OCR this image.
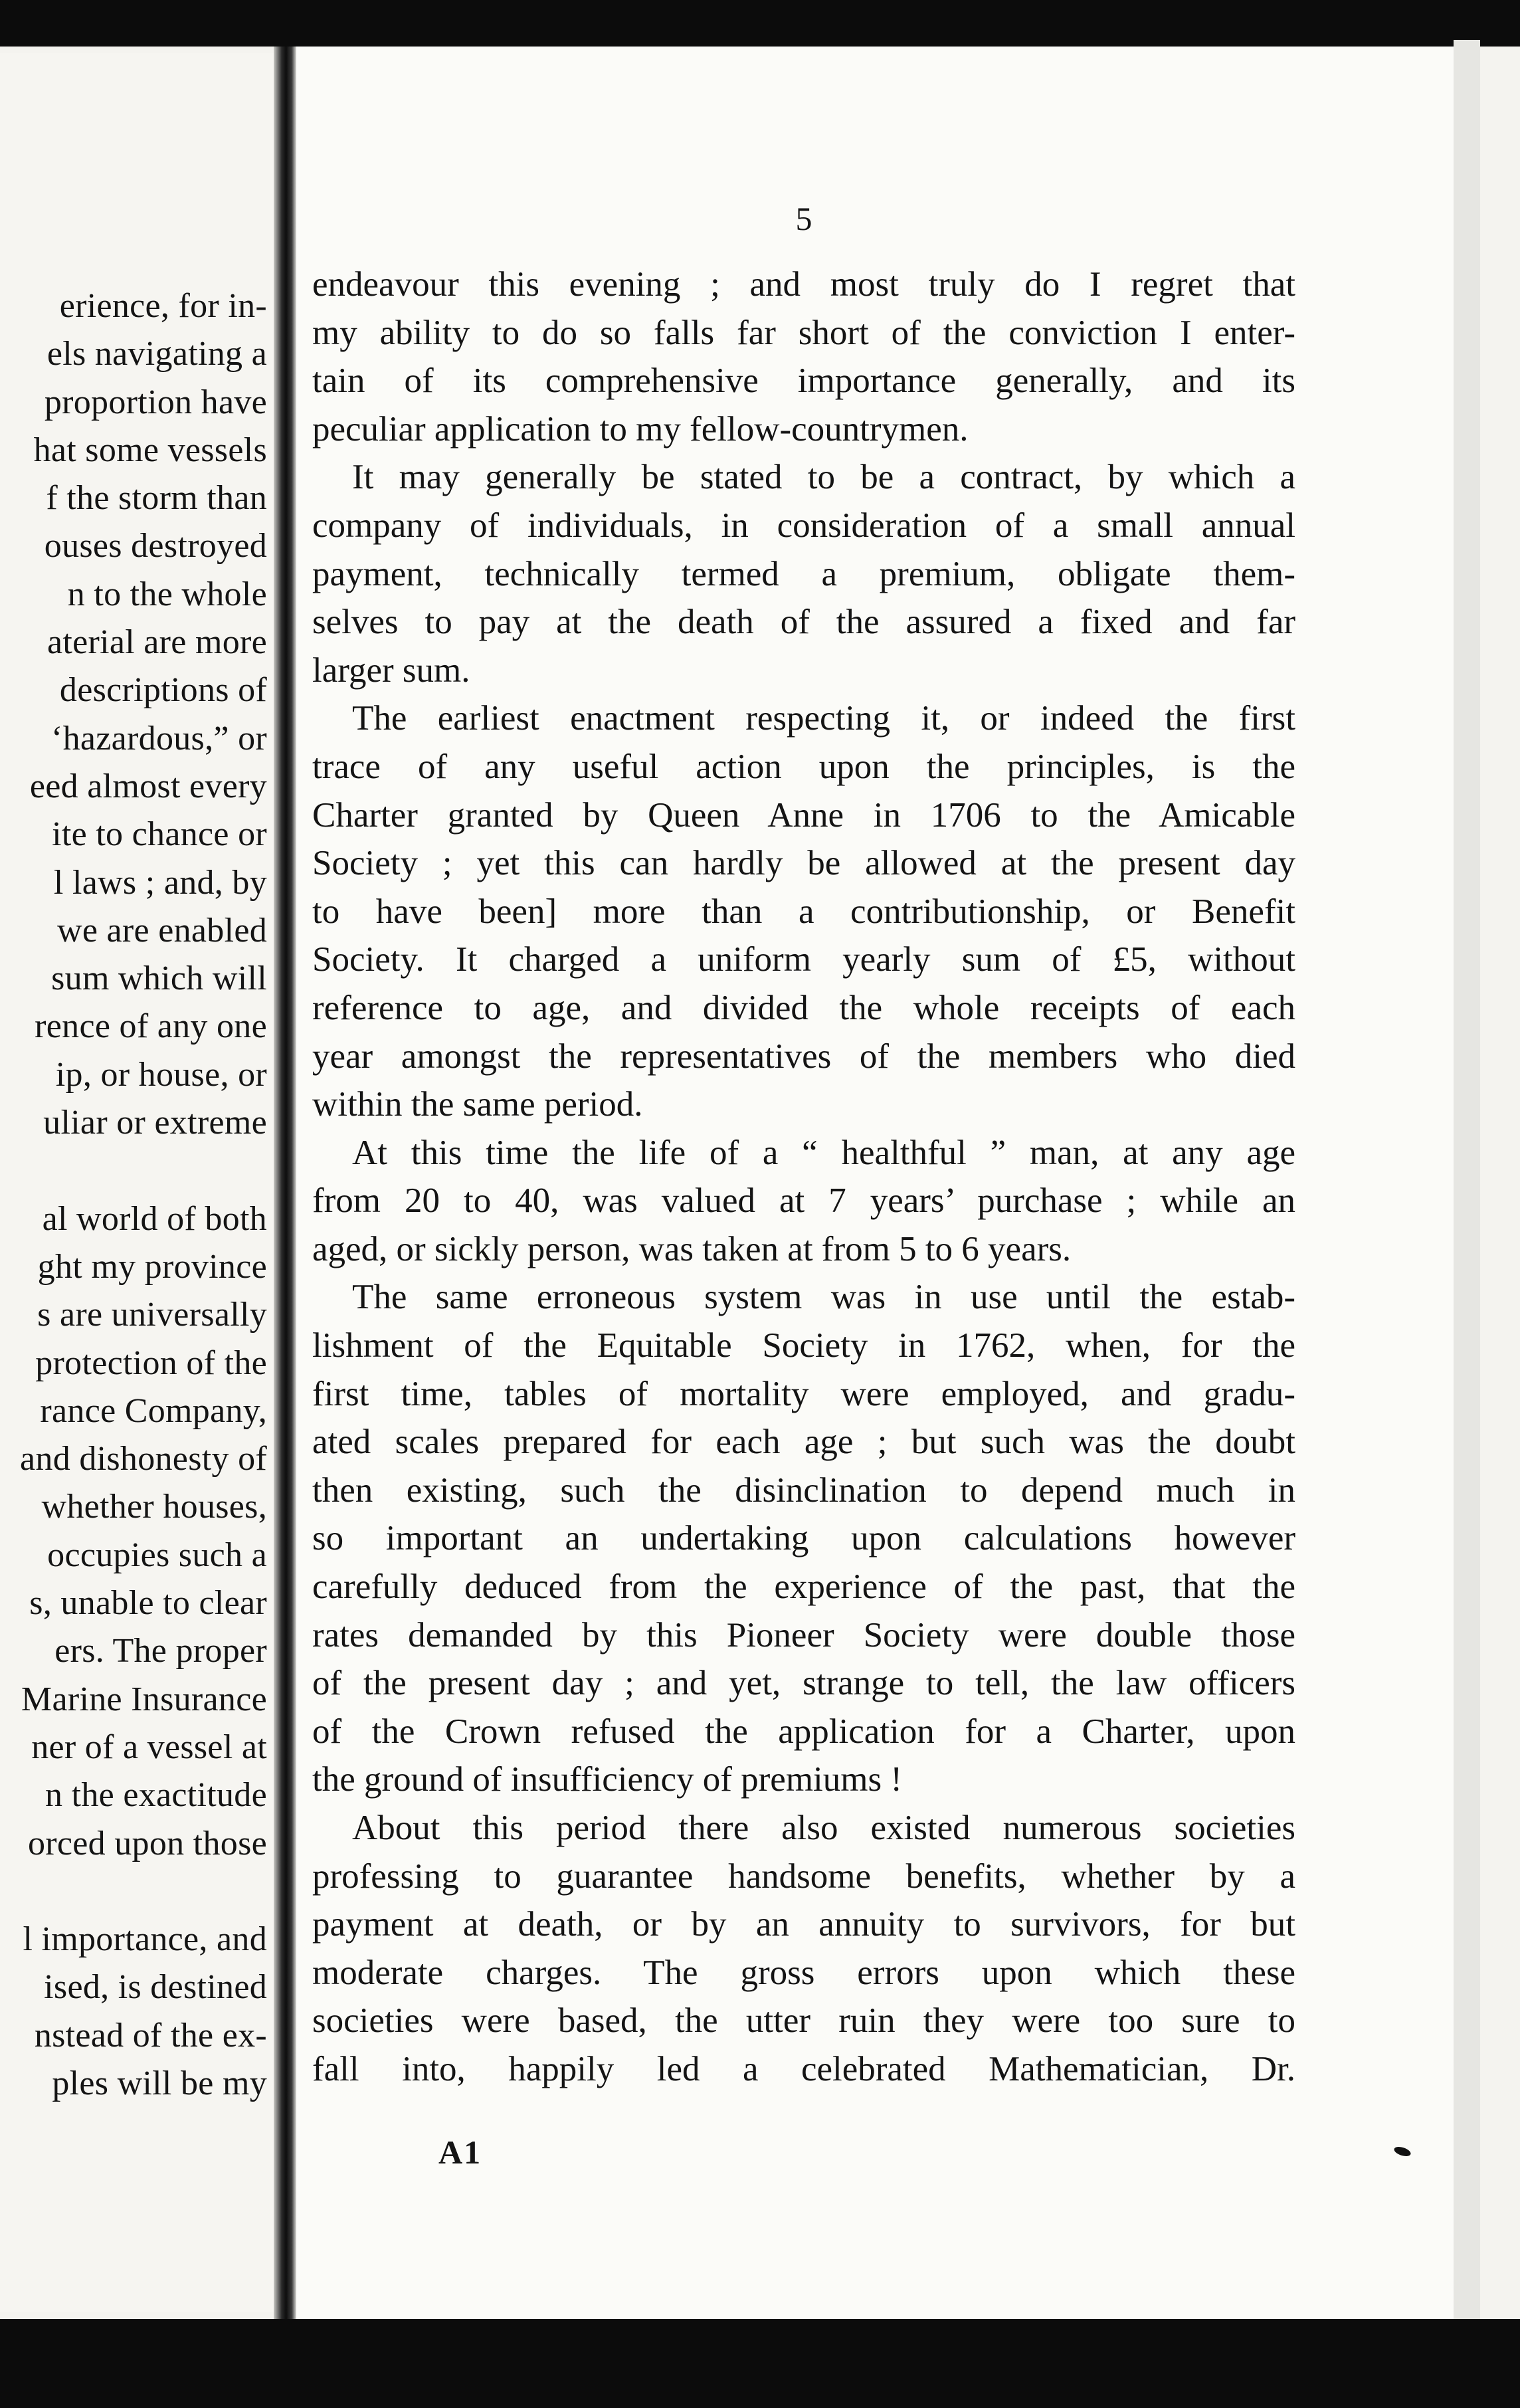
erience, for in-
els navigating a
proportion have
hat some vessels
f the storm than
ouses destroyed
n to the whole
aterial are more
descriptions of
‘hazardous,” or
eed almost every
ite to chance or
l laws ; and, by
we are enabled
sum which will
rence of any one
ip, or house, or
uliar or extreme
al world of both
ght my province
s are universally
protection of the
rance Company,
and dishonesty of
whether houses,
occupies such a
s, unable to clear
ers. The proper
Marine Insurance
ner of a vessel at
n the exactitude
orced upon those
l importance, and
ised, is destined
nstead of the ex-
ples will be my
5
endeavour this evening ; and most truly do I regret that
my ability to do so falls far short of the conviction I enter-
tain of its comprehensive importance generally, and its
peculiar application to my fellow-countrymen.
It may generally be stated to be a contract, by which a
company of individuals, in consideration of a small annual
payment, technically termed a premium, obligate them-
selves to pay at the death of the assured a fixed and far
larger sum.
The earliest enactment respecting it, or indeed the first
trace of any useful action upon the principles, is the
Charter granted by Queen Anne in 1706 to the Amicable
Society ; yet this can hardly be allowed at the present day
to have been] more than a contributionship, or Benefit
Society. It charged a uniform yearly sum of £5, without
reference to age, and divided the whole receipts of each
year amongst the representatives of the members who died
within the same period.
At this time the life of a “ healthful ” man, at any age
from 20 to 40, was valued at 7 years’ purchase ; while an
aged, or sickly person, was taken at from 5 to 6 years.
The same erroneous system was in use until the estab-
lishment of the Equitable Society in 1762, when, for the
first time, tables of mortality were employed, and gradu-
ated scales prepared for each age ; but such was the doubt
then existing, such the disinclination to depend much in
so important an undertaking upon calculations however
carefully deduced from the experience of the past, that the
rates demanded by this Pioneer Society were double those
of the present day ; and yet, strange to tell, the law officers
of the Crown refused the application for a Charter, upon
the ground of insufficiency of premiums !
About this period there also existed numerous societies
professing to guarantee handsome benefits, whether by a
payment at death, or by an annuity to survivors, for but
moderate charges. The gross errors upon which these
societies were based, the utter ruin they were too sure to
fall into, happily led a celebrated Mathematician, Dr.
A1
